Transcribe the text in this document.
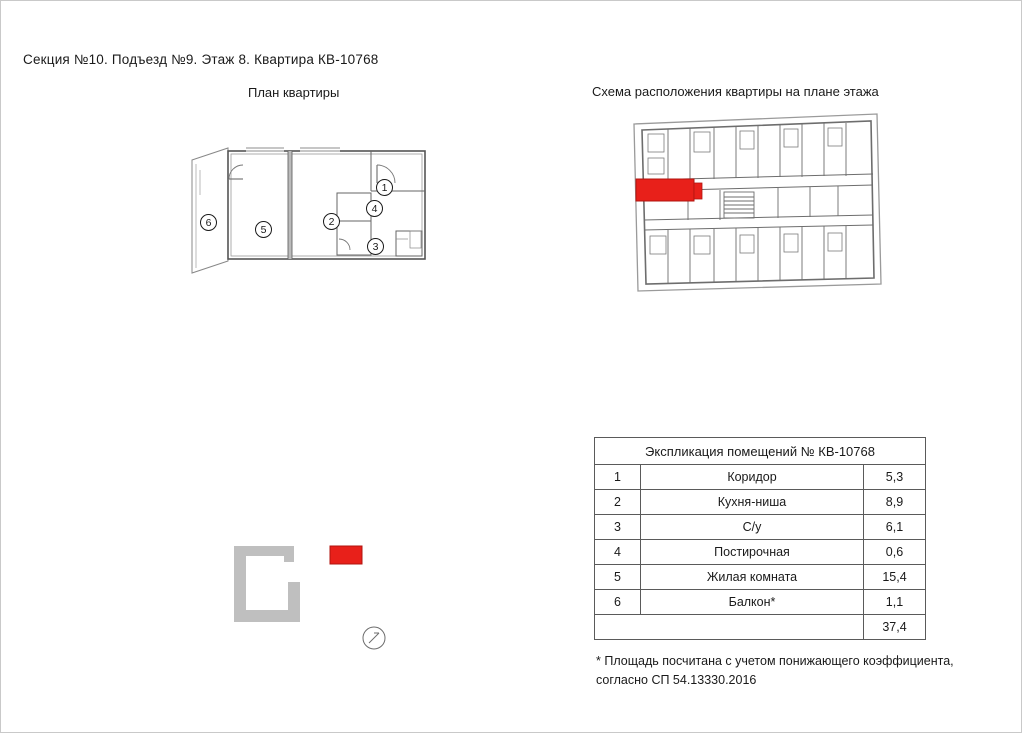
Секция №10. Подъезд №9. Этаж 8. Квартира КВ-10768
План квартиры	Схема расположения квартиры на плане этажа
1
2
3
4
5
6
Экспликация помещений № КВ-10768		
1	Коридор	5,3
2	Кухня-ниша	8,9
3	С/у	6,1
4	Постирочная	0,6
5	Жилая комната	15,4
6	Балкон*	1,1
		37,4
* Площадь посчитана с учетом понижающего коэффициента, согласно СП 54.13330.2016
